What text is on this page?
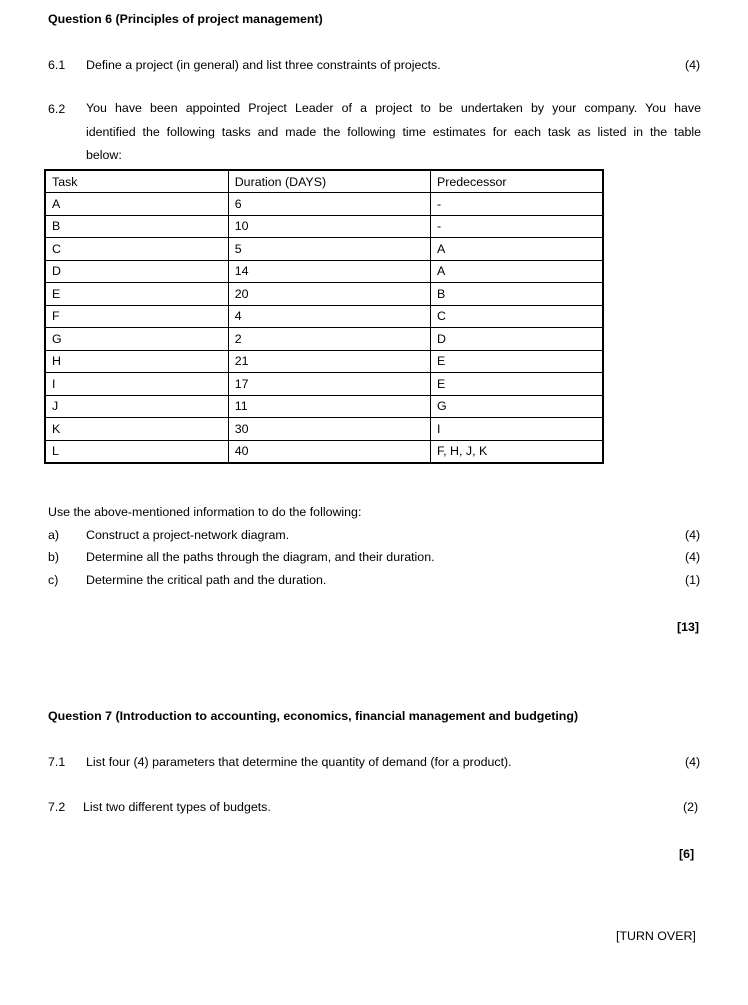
Question 6 (Principles of project management)
6.1 Define a project (in general) and list three constraints of projects.	(4)
6.2 You have been appointed Project Leader of a project to be undertaken by your company. You have
identified the following tasks and made the following time estimates for each task as listed in the table
below:
Task	Duration (DAYS)	Predecessor
A	6	-
B	10	-
C	5	A
D	14	A
E	20	B
F	4	C
G	2	D
H	21	E
I	17	E
J	11	G
K	30	I
L	40	F, H, J, K
Use the above-mentioned information to do the following:
a) Construct a project-network diagram.	(4)
b) Determine all the paths through the diagram, and their duration.	(4)
c) Determine the critical path and the duration.	(1)
[13]
Question 7 (Introduction to accounting, economics, financial management and budgeting)
7.1 List four (4) parameters that determine the quantity of demand (for a product).	(4)
7.2 List two different types of budgets.	(2)
[6]
[TURN OVER]
